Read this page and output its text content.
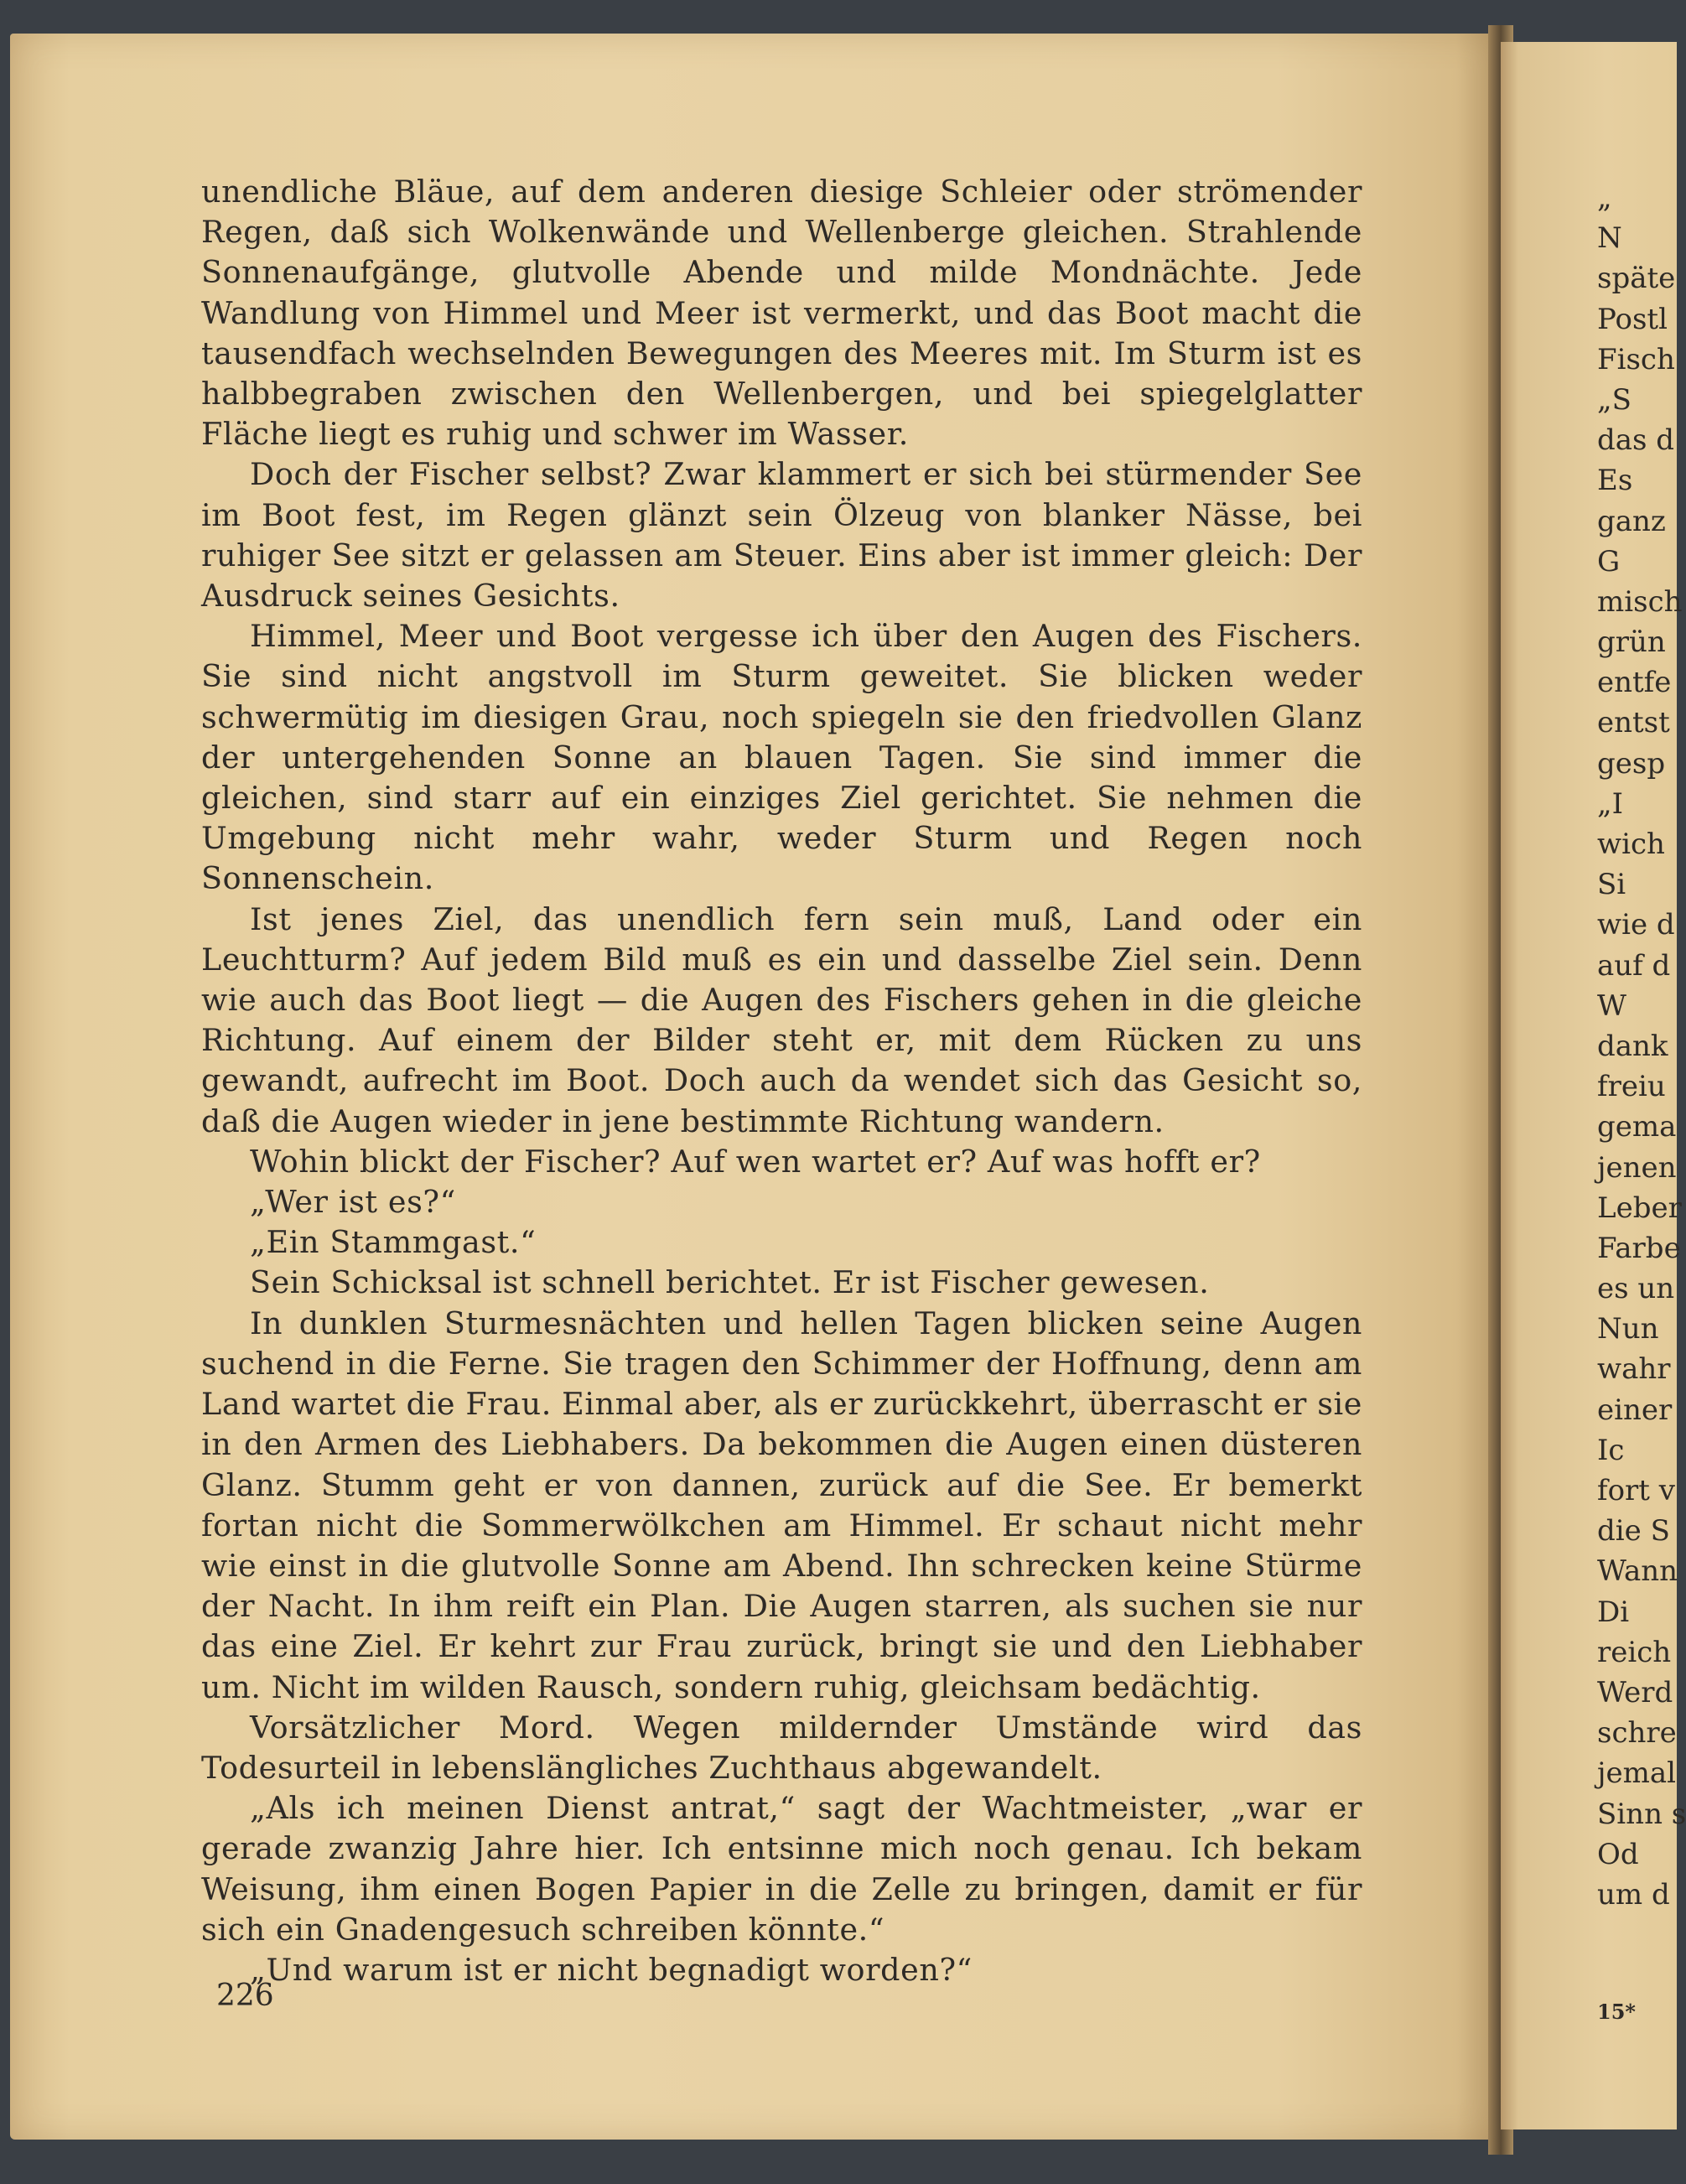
unendliche Bläue, auf dem anderen diesige Schleier oder strömender Regen, daß sich Wolkenwände und Wellenberge gleichen. Strahlende Sonnenaufgänge, glutvolle Abende und milde Mondnächte. Jede Wandlung von Himmel und Meer ist vermerkt, und das Boot macht die tausendfach wechselnden Bewegungen des Meeres mit. Im Sturm ist es halbbegraben zwischen den Wellenbergen, und bei spiegelglatter Fläche liegt es ruhig und schwer im Wasser.

Doch der Fischer selbst? Zwar klammert er sich bei stürmender See im Boot fest, im Regen glänzt sein Ölzeug von blanker Nässe, bei ruhiger See sitzt er gelassen am Steuer. Eins aber ist immer gleich: Der Ausdruck seines Gesichts.

Himmel, Meer und Boot vergesse ich über den Augen des Fischers. Sie sind nicht angstvoll im Sturm geweitet. Sie blicken weder schwermütig im diesigen Grau, noch spiegeln sie den friedvollen Glanz der untergehenden Sonne an blauen Tagen. Sie sind immer die gleichen, sind starr auf ein einziges Ziel gerichtet. Sie nehmen die Umgebung nicht mehr wahr, weder Sturm und Regen noch Sonnenschein.

Ist jenes Ziel, das unendlich fern sein muß, Land oder ein Leuchtturm? Auf jedem Bild muß es ein und dasselbe Ziel sein. Denn wie auch das Boot liegt — die Augen des Fischers gehen in die gleiche Richtung. Auf einem der Bilder steht er, mit dem Rücken zu uns gewandt, aufrecht im Boot. Doch auch da wendet sich das Gesicht so, daß die Augen wieder in jene bestimmte Richtung wandern.

Wohin blickt der Fischer? Auf wen wartet er? Auf was hofft er?

„Wer ist es?“

„Ein Stammgast.“

Sein Schicksal ist schnell berichtet. Er ist Fischer gewesen.

In dunklen Sturmesnächten und hellen Tagen blicken seine Augen suchend in die Ferne. Sie tragen den Schimmer der Hoffnung, denn am Land wartet die Frau. Einmal aber, als er zurückkehrt, überrascht er sie in den Armen des Liebhabers. Da bekommen die Augen einen düsteren Glanz. Stumm geht er von dannen, zurück auf die See. Er bemerkt fortan nicht die Sommerwölkchen am Himmel. Er schaut nicht mehr wie einst in die glutvolle Sonne am Abend. Ihn schrecken keine Stürme der Nacht. In ihm reift ein Plan. Die Augen starren, als suchen sie nur das eine Ziel. Er kehrt zur Frau zurück, bringt sie und den Liebhaber um. Nicht im wilden Rausch, sondern ruhig, gleichsam bedächtig.

Vorsätzlicher Mord. Wegen mildernder Umstände wird das Todesurteil in lebenslängliches Zuchthaus abgewandelt.

„Als ich meinen Dienst antrat,“ sagt der Wachtmeister, „war er gerade zwanzig Jahre hier. Ich entsinne mich noch genau. Ich bekam Weisung, ihm einen Bogen Papier in die Zelle zu bringen, damit er für sich ein Gnadengesuch schreiben könnte.“

„Und warum ist er nicht begnadigt worden?“

226
„
N
späte
Postl
Fisch
„S
das d
Es
ganz
G
misch
grün
entfe
entst
gesp
„I
wich
Si
wie d
auf d
W
dank
freiu
gema
jenen
Leber
Farbe
es un
Nun
wahr
einer
Ic
fort v
die S
Wann
Di
reich
Werd
schre
jemal
Sinn s
Od
um d
15*
